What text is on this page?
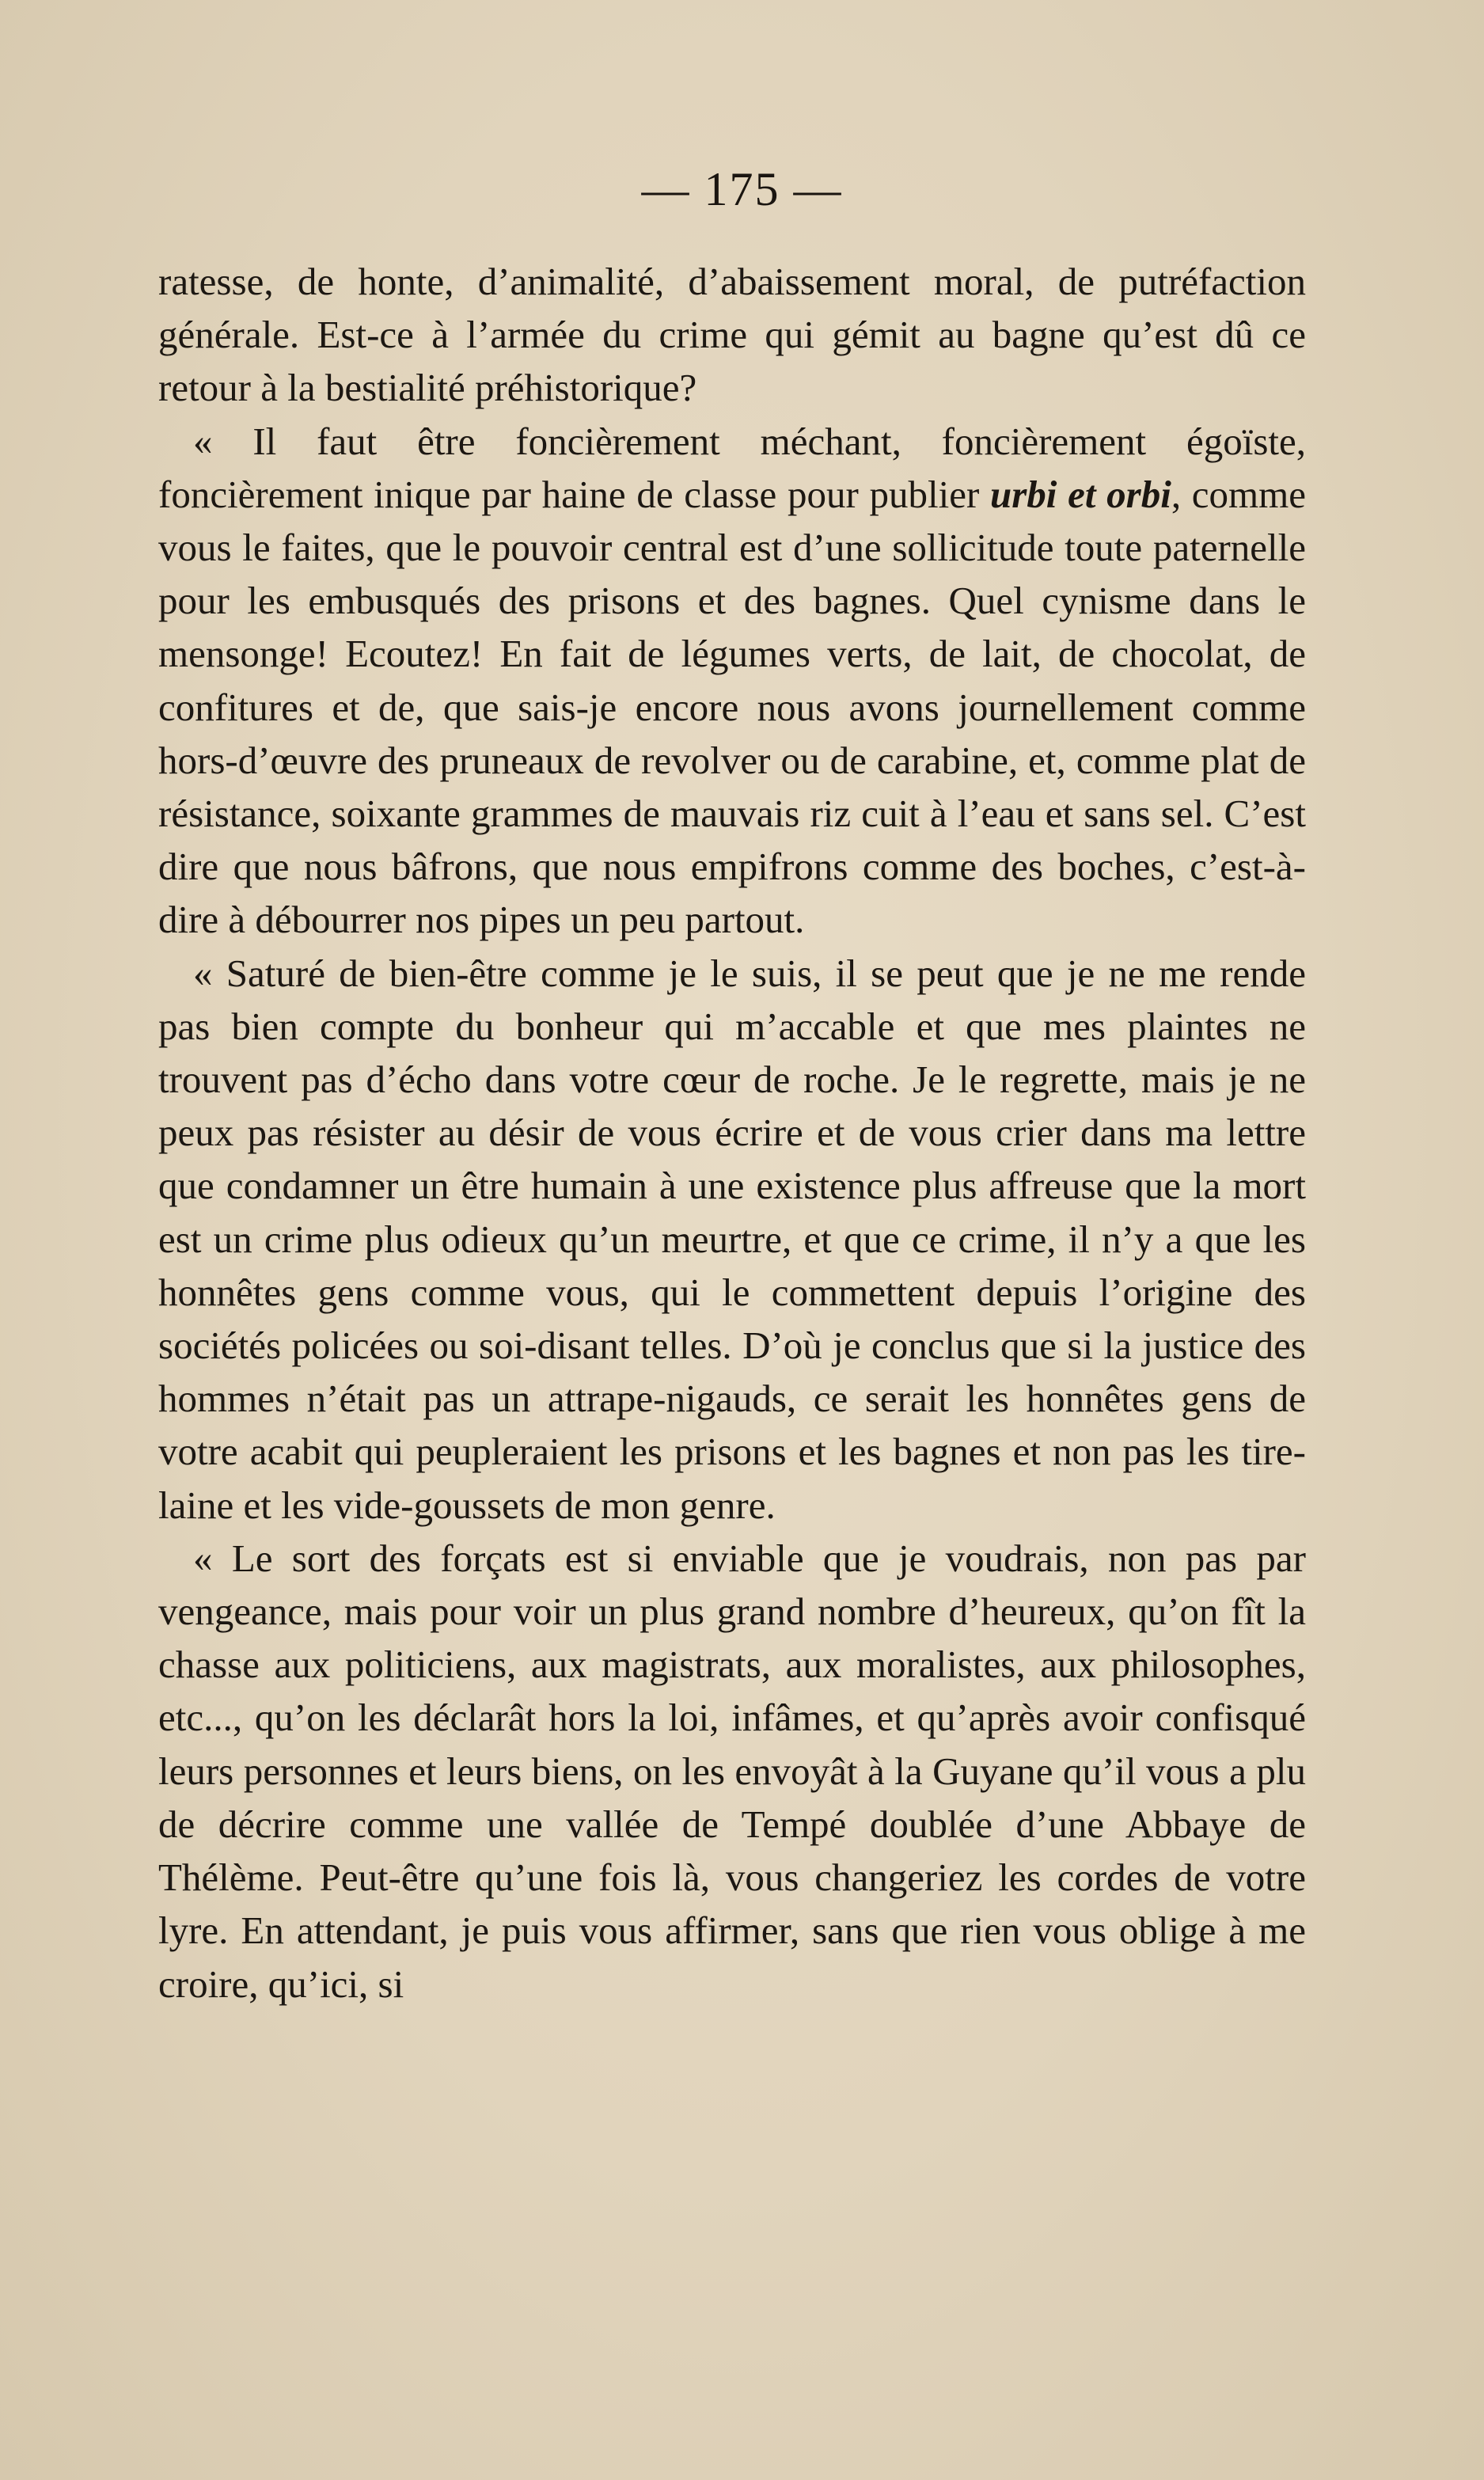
— 175 —

ratesse, de honte, d’animalité, d’abaissement moral, de putréfaction générale. Est-ce à l’armée du crime qui gémit au bagne qu’est dû ce retour à la bestialité préhistorique?

« Il faut être foncièrement méchant, foncièrement égoïste, foncièrement inique par haine de classe pour publier urbi et orbi, comme vous le faites, que le pouvoir central est d’une sollicitude toute paternelle pour les embusqués des prisons et des bagnes. Quel cynisme dans le mensonge! Ecoutez! En fait de légumes verts, de lait, de chocolat, de confitures et de, que sais-je encore nous avons journellement comme hors-d’œuvre des pruneaux de revolver ou de carabine, et, comme plat de résistance, soixante grammes de mauvais riz cuit à l’eau et sans sel. C’est dire que nous bâfrons, que nous empifrons comme des boches, c’est-à-dire à débourrer nos pipes un peu partout.

« Saturé de bien-être comme je le suis, il se peut que je ne me rende pas bien compte du bonheur qui m’accable et que mes plaintes ne trouvent pas d’écho dans votre cœur de roche. Je le regrette, mais je ne peux pas résister au désir de vous écrire et de vous crier dans ma lettre que condamner un être humain à une existence plus affreuse que la mort est un crime plus odieux qu’un meurtre, et que ce crime, il n’y a que les honnêtes gens comme vous, qui le commettent depuis l’origine des sociétés policées ou soi-disant telles. D’où je conclus que si la justice des hommes n’était pas un attrape-nigauds, ce serait les honnêtes gens de votre acabit qui peupleraient les prisons et les bagnes et non pas les tire-laine et les vide-goussets de mon genre.

« Le sort des forçats est si enviable que je voudrais, non pas par vengeance, mais pour voir un plus grand nombre d’heureux, qu’on fît la chasse aux politiciens, aux magistrats, aux moralistes, aux philosophes, etc..., qu’on les déclarât hors la loi, infâmes, et qu’après avoir confisqué leurs personnes et leurs biens, on les envoyât à la Guyane qu’il vous a plu de décrire comme une vallée de Tempé doublée d’une Abbaye de Thélème. Peut-être qu’une fois là, vous changeriez les cordes de votre lyre. En attendant, je puis vous affirmer, sans que rien vous oblige à me croire, qu’ici, si
